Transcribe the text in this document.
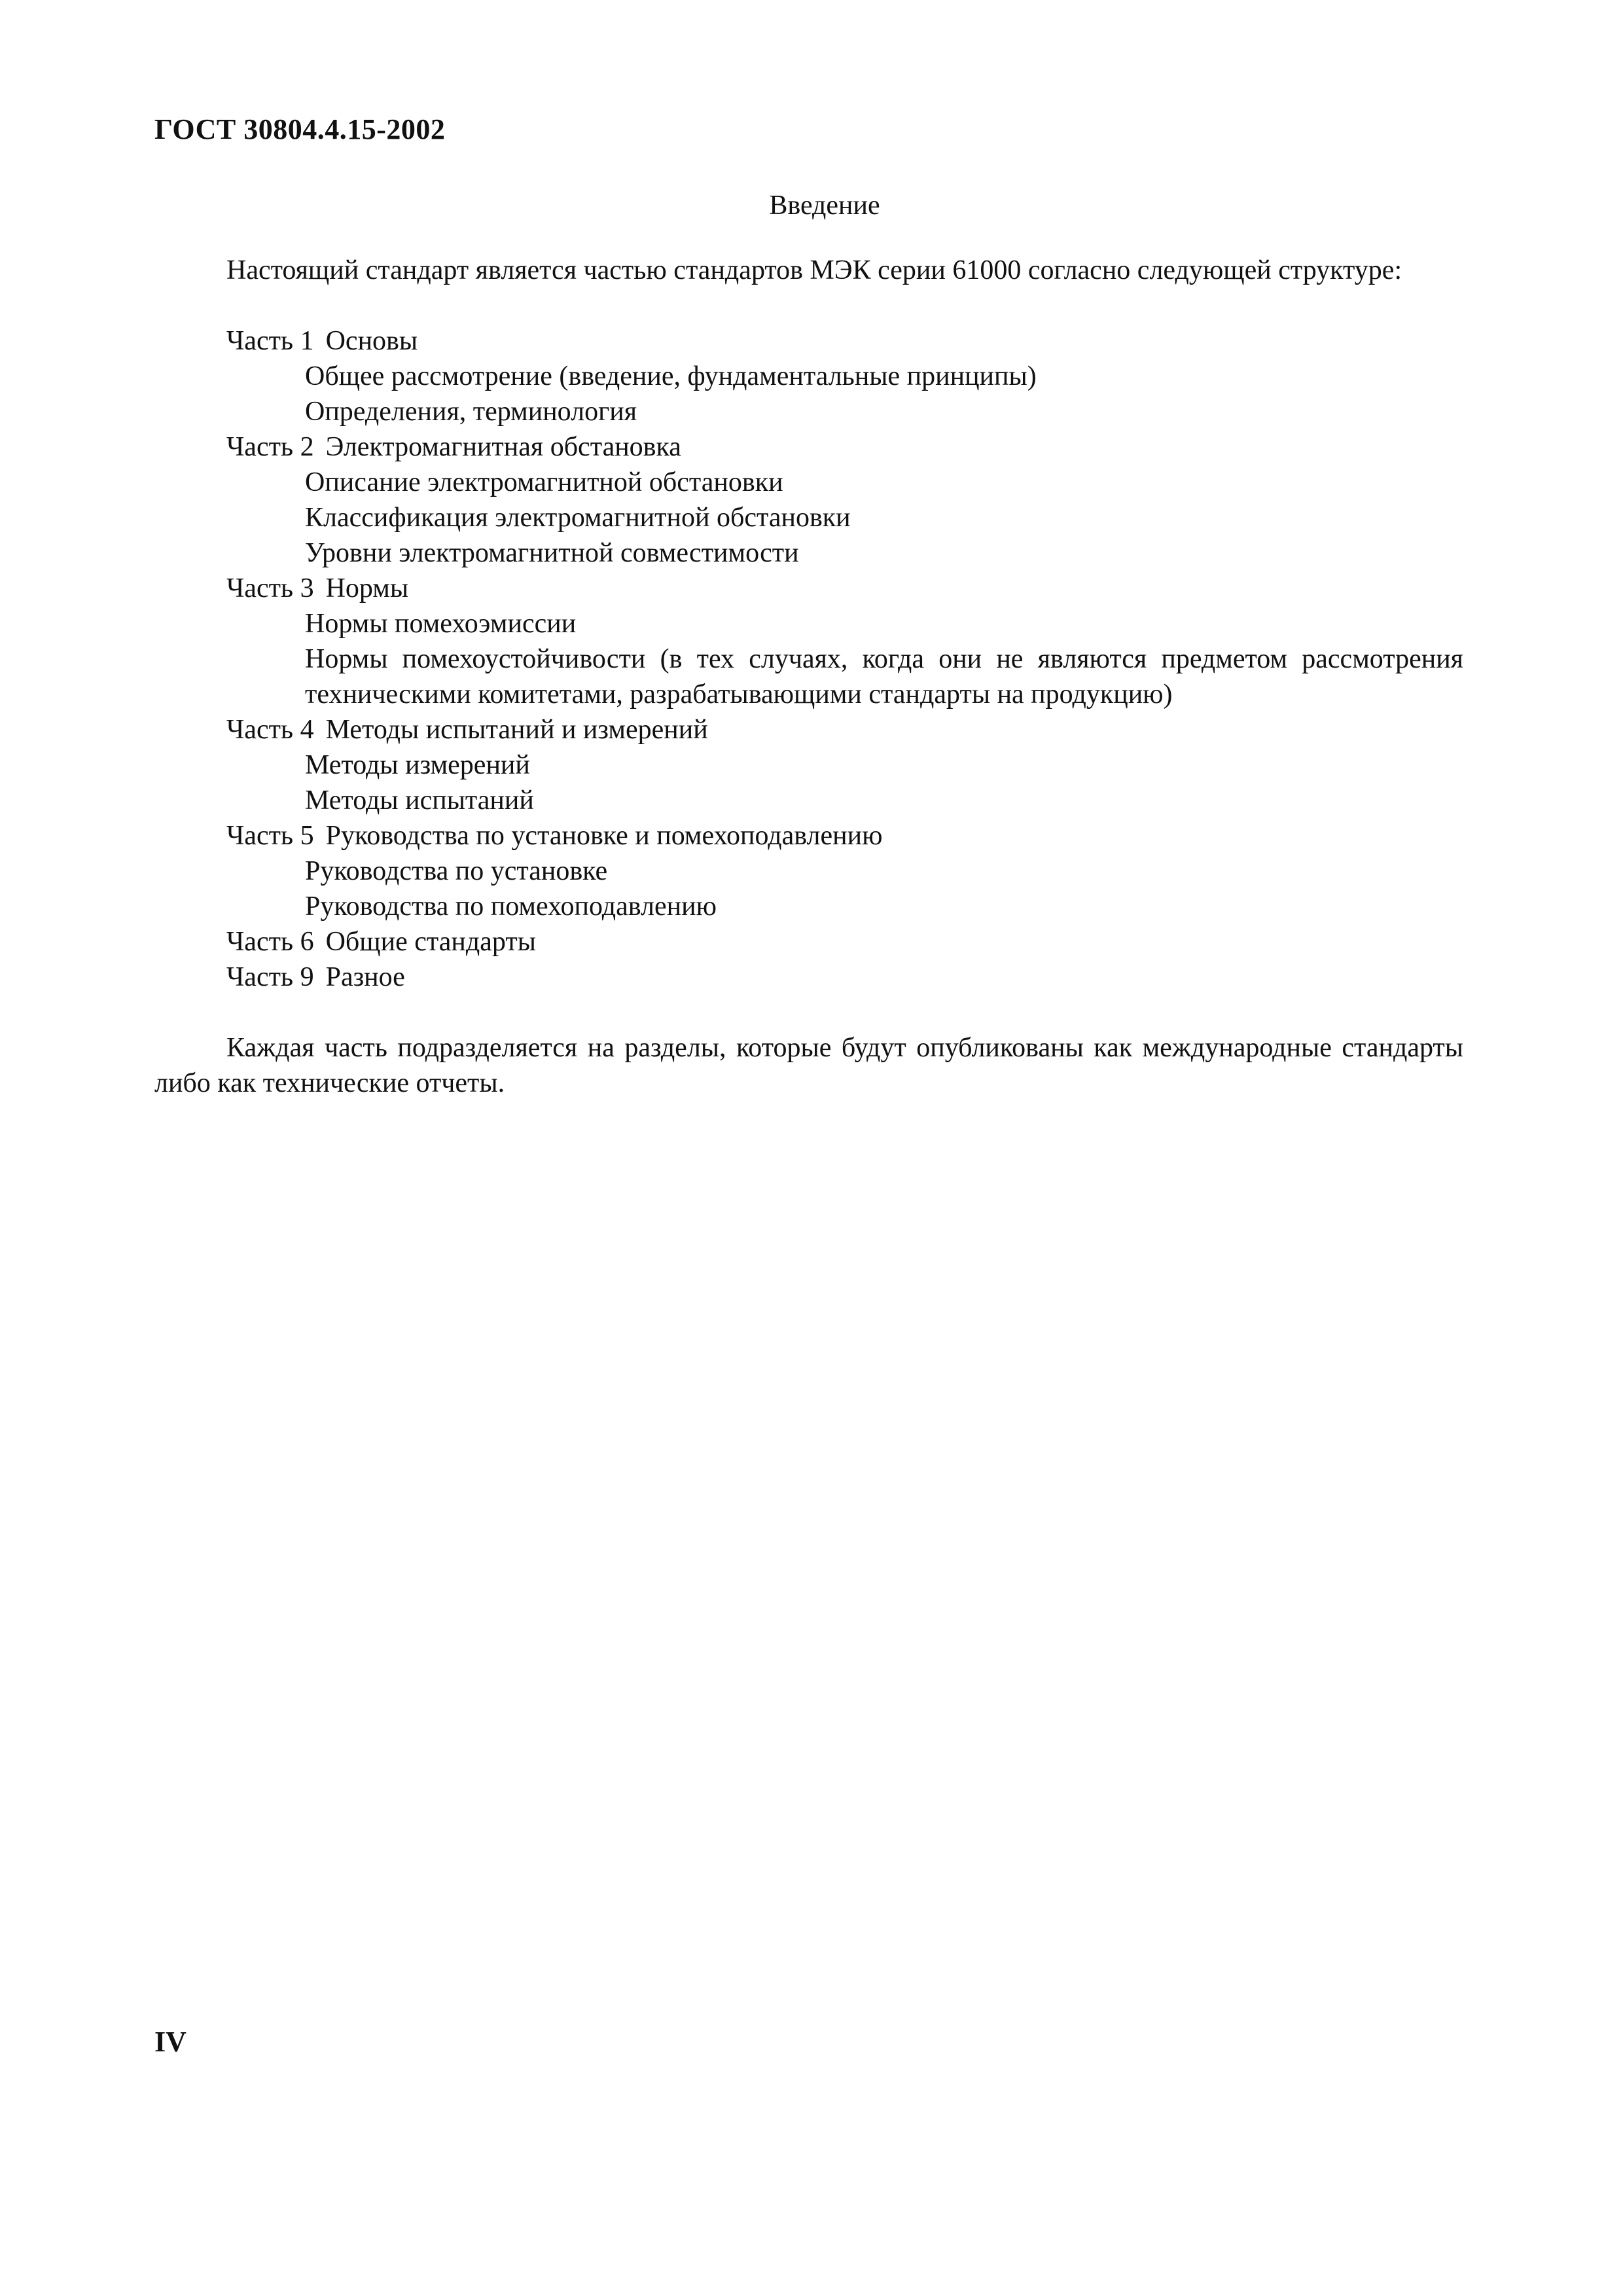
ГОСТ 30804.4.15-2002
Введение

Настоящий стандарт является частью стандартов МЭК серии 61000 согласно следующей структуре:

Часть 1 Основы
Общее рассмотрение (введение, фундаментальные принципы)
Определения, терминология
Часть 2 Электромагнитная обстановка
Описание электромагнитной обстановки
Классификация электромагнитной обстановки
Уровни электромагнитной совместимости
Часть 3 Нормы
Нормы помехоэмиссии
Нормы помехоустойчивости (в тех случаях, когда они не являются предметом рассмотрения техническими комитетами, разрабатывающими стандарты на продукцию)
Часть 4 Методы испытаний и измерений
Методы измерений
Методы испытаний
Часть 5 Руководства по установке и помехоподавлению
Руководства по установке
Руководства по помехоподавлению
Часть 6 Общие стандарты
Часть 9 Разное

Каждая часть подразделяется на разделы, которые будут опубликованы как международные стандарты либо как технические отчеты.

IV
